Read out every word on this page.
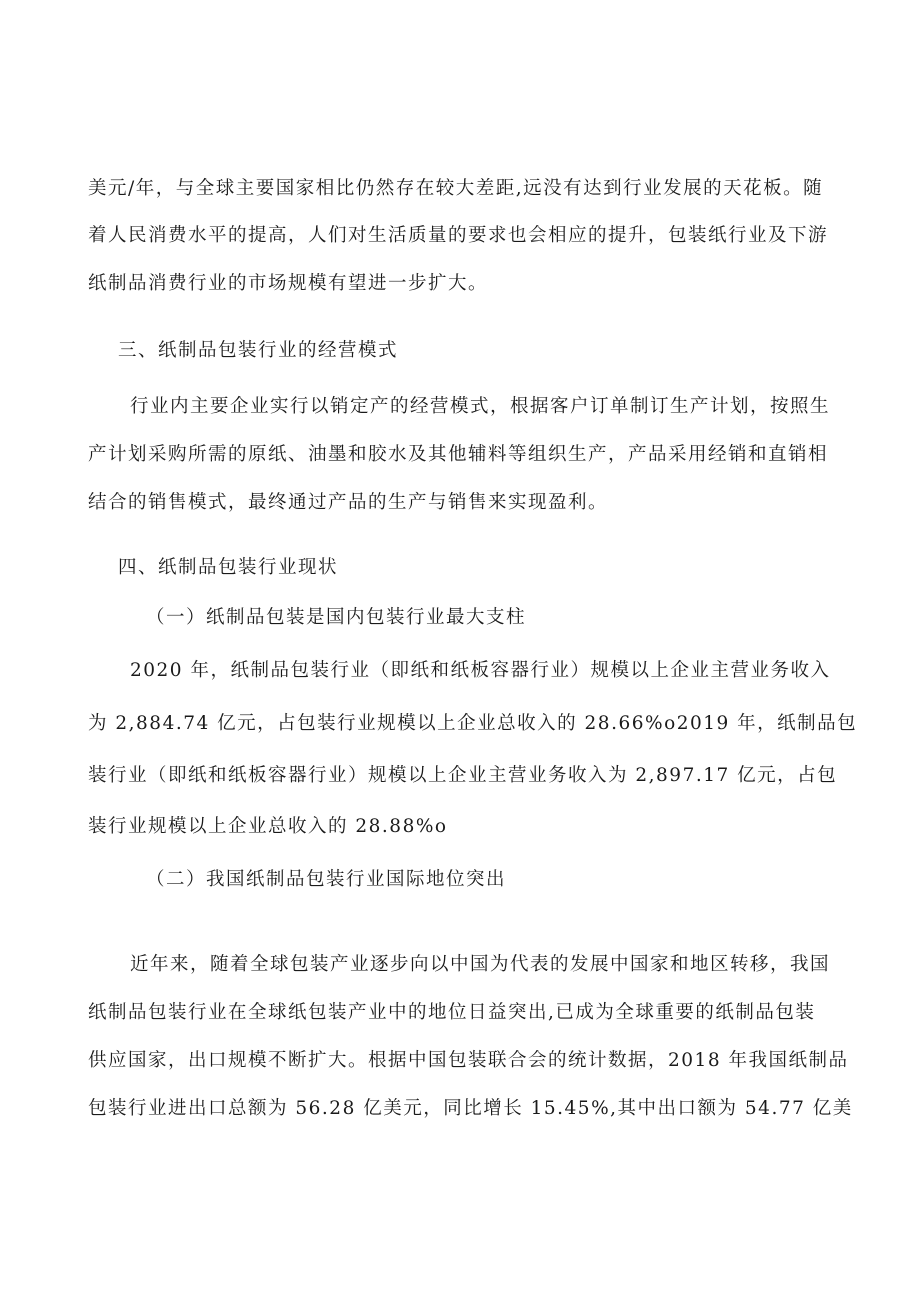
美元/年，与全球主要国家相比仍然存在较大差距,远没有达到行业发展的天花板。随
着人民消费水平的提高，人们对生活质量的要求也会相应的提升，包装纸行业及下游
纸制品消费行业的市场规模有望进一步扩大。
三、纸制品包装行业的经营模式
行业内主要企业实行以销定产的经营模式，根据客户订单制订生产计划，按照生
产计划采购所需的原纸、油墨和胶水及其他辅料等组织生产，产品采用经销和直销相
结合的销售模式，最终通过产品的生产与销售来实现盈利。
四、纸制品包装行业现状
（一）纸制品包装是国内包装行业最大支柱
2020 年，纸制品包装行业（即纸和纸板容器行业）规模以上企业主营业务收入
为 2,884.74 亿元，占包装行业规模以上企业总收入的 28.66%o2019 年，纸制品包
装行业（即纸和纸板容器行业）规模以上企业主营业务收入为 2,897.17 亿元，占包
装行业规模以上企业总收入的 28.88%o
（二）我国纸制品包装行业国际地位突出
近年来，随着全球包装产业逐步向以中国为代表的发展中国家和地区转移，我国
纸制品包装行业在全球纸包装产业中的地位日益突出,已成为全球重要的纸制品包装
供应国家，出口规模不断扩大。根据中国包装联合会的统计数据，2018 年我国纸制品
包装行业进出口总额为 56.28 亿美元，同比增长 15.45%,其中出口额为 54.77 亿美
